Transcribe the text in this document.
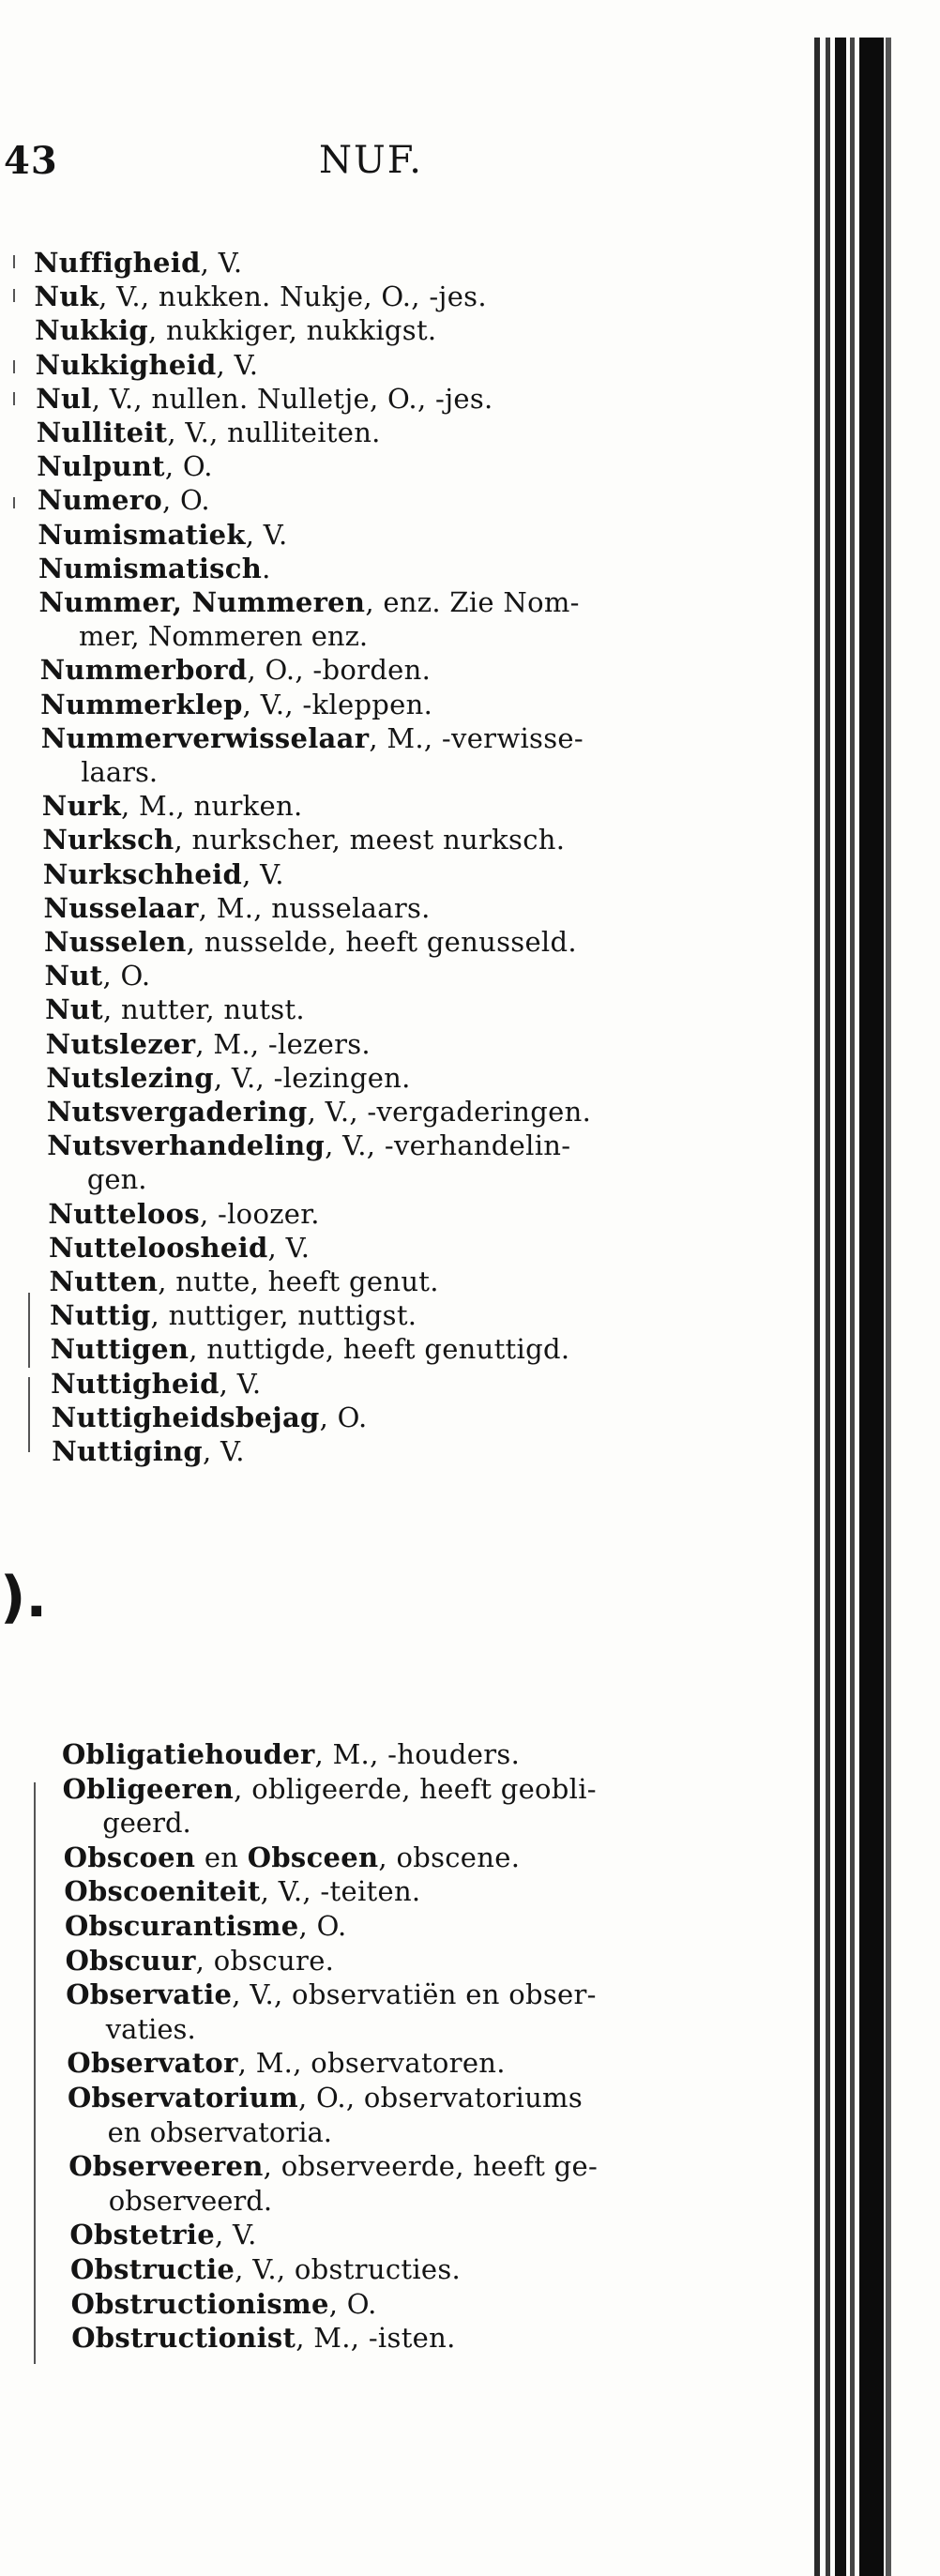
43	NUF.
Nuffigheid, V.
Nuk, V., nukken. Nukje, O., -jes.
Nukkig, nukkiger, nukkigst.
Nukkigheid, V.
Nul, V., nullen. Nulletje, O., -jes.
Nulliteit, V., nulliteiten.
Nulpunt, O.
Numero, O.
Numismatiek, V.
Numismatisch.
Nummer, Nummeren, enz. Zie Nom-
mer, Nommeren enz.
Nummerbord, O., -borden.
Nummerklep, V., -kleppen.
Nummerverwisselaar, M., -verwisse-
laars.
Nurk, M., nurken.
Nurksch, nurkscher, meest nurksch.
Nurkschheid, V.
Nusselaar, M., nusselaars.
Nusselen, nusselde, heeft genusseld.
Nut, O.
Nut, nutter, nutst.
Nutslezer, M., -lezers.
Nutslezing, V., -lezingen.
Nutsvergadering, V., -vergaderingen.
Nutsverhandeling, V., -verhandelin-
gen.
Nutteloos, -loozer.
Nutteloosheid, V.
Nutten, nutte, heeft genut.
Nuttig, nuttiger, nuttigst.
Nuttigen, nuttigde, heeft genuttigd.
Nuttigheid, V.
Nuttigheidsbejag, O.
Nuttiging, V.
).
Obligatiehouder, M., -houders.
Obligeeren, obligeerde, heeft geobli-
geerd.
Obscoen en Obsceen, obscene.
Obscoeniteit, V., -teiten.
Obscurantisme, O.
Obscuur, obscure.
Observatie, V., observatiën en obser-
vaties.
Observator, M., observatoren.
Observatorium, O., observatoriums
en observatoria.
Observeeren, observeerde, heeft ge-
observeerd.
Obstetrie, V.
Obstructie, V., obstructies.
Obstructionisme, O.
Obstructionist, M., -isten.
